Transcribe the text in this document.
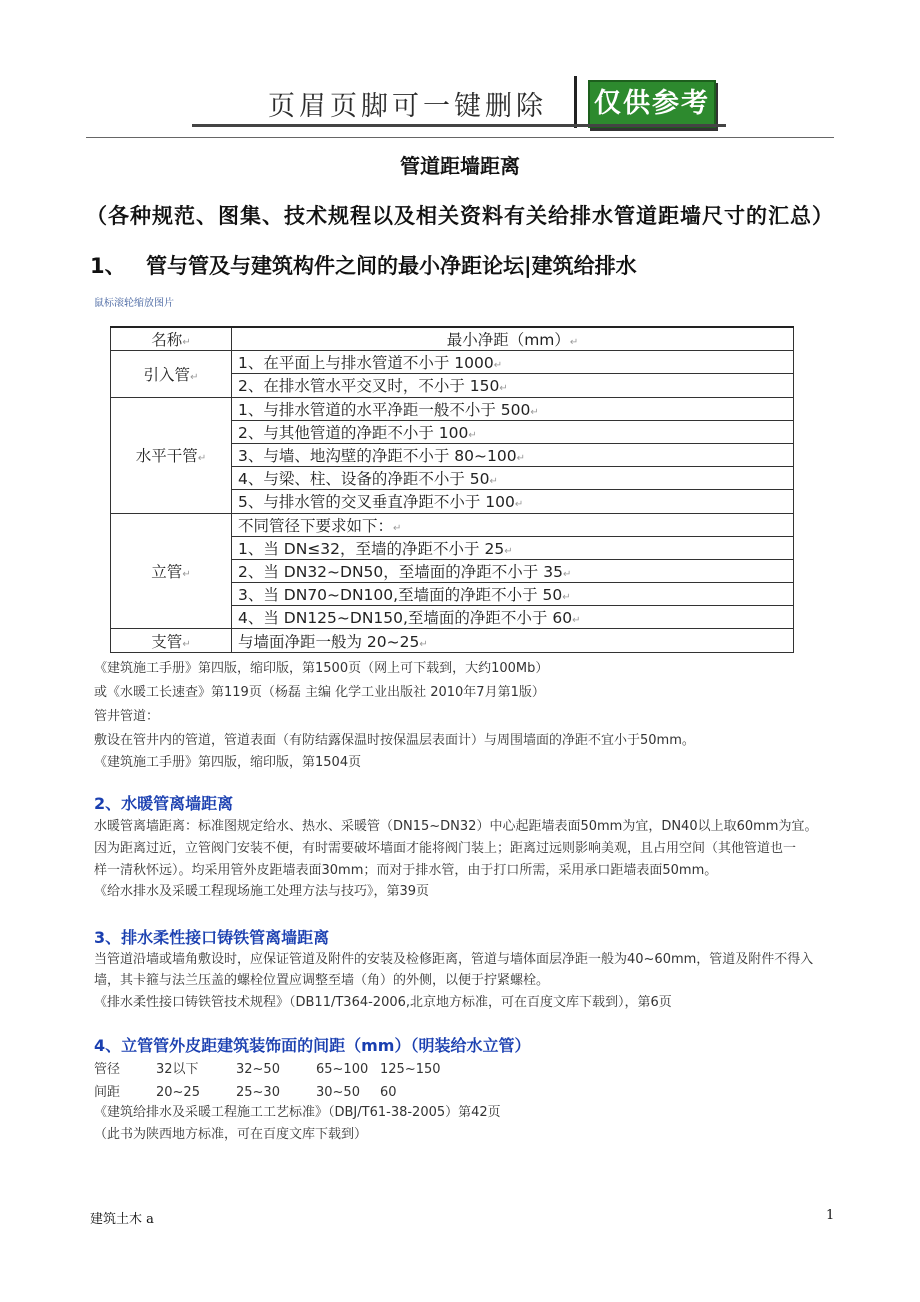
页眉页脚可一键删除 仅供参考
管道距墙距离
（各种规范、图集、技术规程以及相关资料有关给排水管道距墙尺寸的汇总）
1、 管与管及与建筑构件之间的最小净距论坛|建筑给排水
鼠标滚轮缩放图片
名称↵	最小净距（mm）↵
引入管↵	1、在平面上与排水管道不小于 1000↵
	2、在排水管水平交叉时，不小于 150↵
水平干管↵	1、与排水管道的水平净距一般不小于 500↵
	2、与其他管道的净距不小于 100↵
	3、与墙、地沟壁的净距不小于 80~100↵
	4、与梁、柱、设备的净距不小于 50↵
	5、与排水管的交叉垂直净距不小于 100↵
立管↵	不同管径下要求如下：↵
	1、当 DN≤32，至墙的净距不小于 25↵
	2、当 DN32~DN50，至墙面的净距不小于 35↵
	3、当 DN70~DN100,至墙面的净距不小于 50↵
	4、当 DN125~DN150,至墙面的净距不小于 60↵
支管↵	与墙面净距一般为 20~25↵
《建筑施工手册》第四版，缩印版，第1500页（网上可下载到，大约100Mb）
或《水暖工长速查》第119页（杨磊 主编 化学工业出版社 2010年7月第1版）
管井管道：
敷设在管井内的管道，管道表面（有防结露保温时按保温层表面计）与周围墙面的净距不宜小于50mm。
《建筑施工手册》第四版，缩印版，第1504页
2、水暖管离墙距离
水暖管离墙距离：标准图规定给水、热水、采暖管（DN15~DN32）中心起距墙表面50mm为宜，DN40以上取60mm为宜。
因为距离过近，立管阀门安装不便，有时需要破坏墙面才能将阀门装上；距离过远则影响美观，且占用空间（其他管道也一
样一清秋怀远）。均采用管外皮距墙表面30mm；而对于排水管，由于打口所需，采用承口距墙表面50mm。
《给水排水及采暖工程现场施工处理方法与技巧》，第39页
3、排水柔性接口铸铁管离墙距离
当管道沿墙或墙角敷设时，应保证管道及附件的安装及检修距离，管道与墙体面层净距一般为40~60mm，管道及附件不得入
墙，其卡箍与法兰压盖的螺栓位置应调整至墙（角）的外侧，以便于拧紧螺栓。
《排水柔性接口铸铁管技术规程》（DB11/T364-2006,北京地方标准，可在百度文库下载到），第6页
4、立管管外皮距建筑装饰面的间距（mm）（明装给水立管）
管径	32以下	32~50	65~100 125~150
间距	20~25	25~30	30~50 60
《建筑给排水及采暖工程施工工艺标准》（DBJ/T61-38-2005）第42页
（此书为陕西地方标准，可在百度文库下载到）
建筑土木 a	1
